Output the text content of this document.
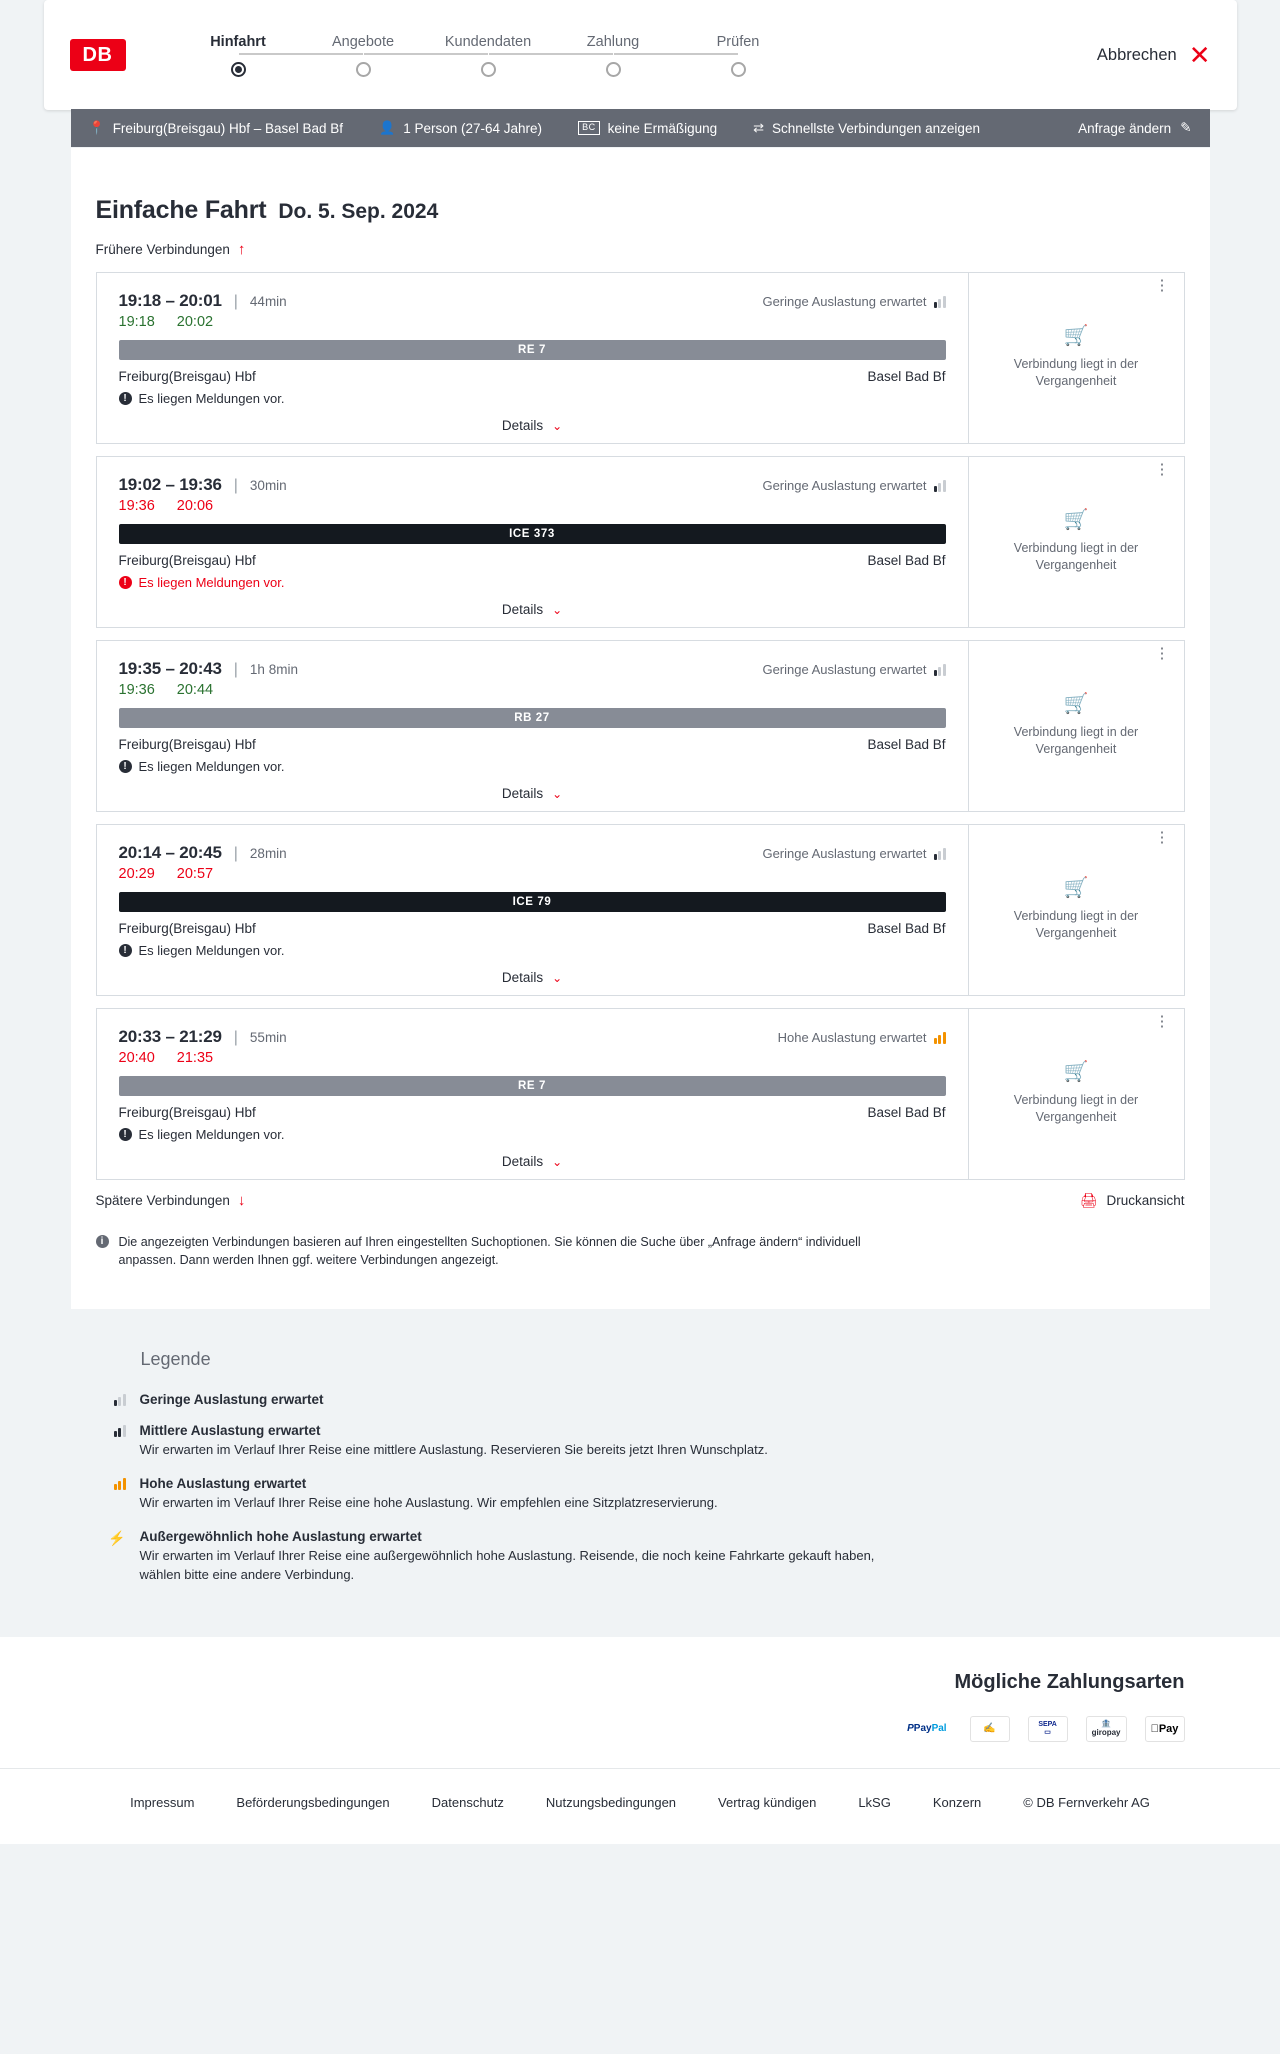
DB
Hinfahrt	Angebote	Kundendaten	Zahlung	Prüfen
Abbrechen ✕
📍 Freiburg(Breisgau) Hbf – Basel Bad Bf	👤 1 Person (27-64 Jahre)	BC keine Ermäßigung	⇄ Schnellste Verbindungen anzeigen	Anfrage ändern ✎
Einfache Fahrt Do. 5. Sep. 2024
Frühere Verbindungen ↑
19:18 – 20:01 | 44min	Geringe Auslastung erwartet
19:18 20:02
RE 7
Freiburg(Breisgau) Hbf	Basel Bad Bf
! Es liegen Meldungen vor.
Details ⌄
⋮
🛒
Verbindung liegt in der Vergangenheit
19:02 – 19:36 | 30min	Geringe Auslastung erwartet
19:36 20:06
ICE 373
Freiburg(Breisgau) Hbf	Basel Bad Bf
! Es liegen Meldungen vor.
Details ⌄
⋮
🛒
Verbindung liegt in der Vergangenheit
19:35 – 20:43 | 1h 8min	Geringe Auslastung erwartet
19:36 20:44
RB 27
Freiburg(Breisgau) Hbf	Basel Bad Bf
! Es liegen Meldungen vor.
Details ⌄
⋮
🛒
Verbindung liegt in der Vergangenheit
20:14 – 20:45 | 28min	Geringe Auslastung erwartet
20:29 20:57
ICE 79
Freiburg(Breisgau) Hbf	Basel Bad Bf
! Es liegen Meldungen vor.
Details ⌄
⋮
🛒
Verbindung liegt in der Vergangenheit
20:33 – 21:29 | 55min	Hohe Auslastung erwartet
20:40 21:35
RE 7
Freiburg(Breisgau) Hbf	Basel Bad Bf
! Es liegen Meldungen vor.
Details ⌄
⋮
🛒
Verbindung liegt in der Vergangenheit
Spätere Verbindungen ↓	🖨 Druckansicht
i	Die angezeigten Verbindungen basieren auf Ihren eingestellten Suchoptionen. Sie können die Suche über „Anfrage ändern“ individuell anpassen. Dann werden Ihnen ggf. weitere Verbindungen angezeigt.
Legende
Geringe Auslastung erwartet
Mittlere Auslastung erwartet
Wir erwarten im Verlauf Ihrer Reise eine mittlere Auslastung. Reservieren Sie bereits jetzt Ihren Wunschplatz.
Hohe Auslastung erwartet
Wir erwarten im Verlauf Ihrer Reise eine hohe Auslastung. Wir empfehlen eine Sitzplatzreservierung.
⚡ Außergewöhnlich hohe Auslastung erwartet
Wir erwarten im Verlauf Ihrer Reise eine außergewöhnlich hohe Auslastung. Reisende, die noch keine Fahrkarte gekauft haben, wählen bitte eine andere Verbindung.
Mögliche Zahlungsarten
P Pay Pal	✍	SEPA
▭
🏦
giropay	Pay
Impressum	Beförderungsbedingungen	Datenschutz	Nutzungsbedingungen	Vertrag kündigen	LkSG	Konzern	© DB Fernverkehr AG
